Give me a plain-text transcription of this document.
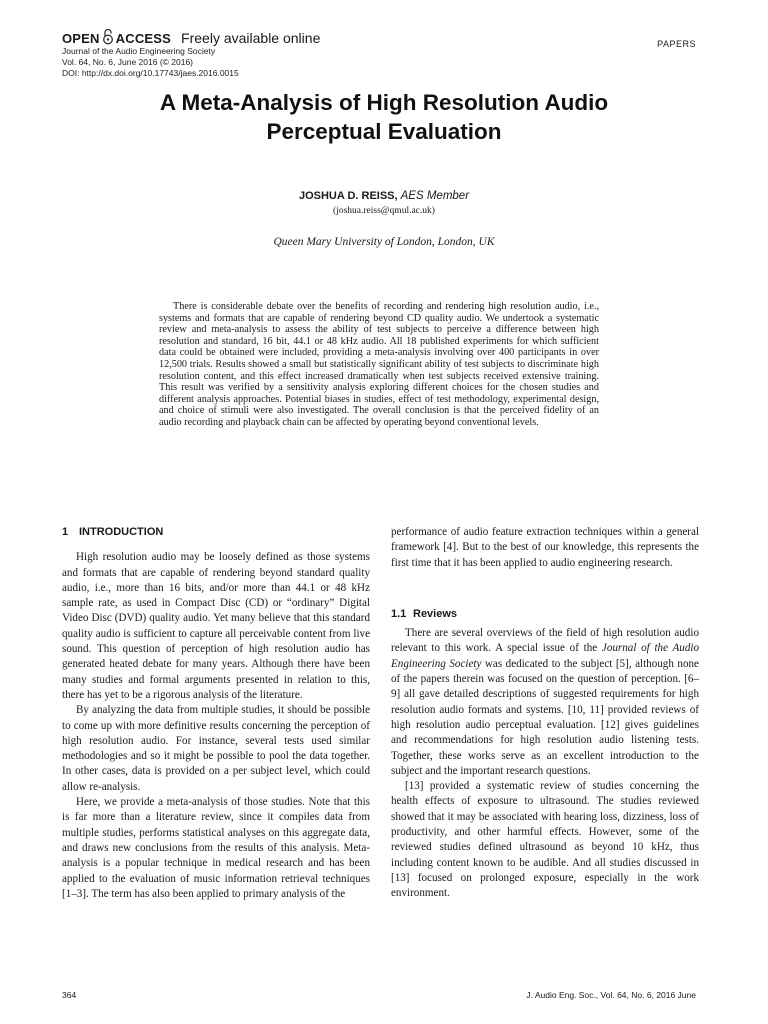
OPEN ACCESS Freely available online
Journal of the Audio Engineering Society
Vol. 64, No. 6, June 2016 (© 2016)
DOI: http://dx.doi.org/10.17743/jaes.2016.0015
PAPERS
A Meta-Analysis of High Resolution Audio
Perceptual Evaluation
JOSHUA D. REISS, AES Member
(joshua.reiss@qmul.ac.uk)
Queen Mary University of London, London, UK

There is considerable debate over the benefits of recording and rendering high resolution audio, i.e., systems and formats that are capable of rendering beyond CD quality audio. We undertook a systematic review and meta-analysis to assess the ability of test subjects to perceive a difference between high resolution and standard, 16 bit, 44.1 or 48 kHz audio. All 18 published experiments for which sufficient data could be obtained were included, providing a meta-analysis involving over 400 participants in over 12,500 trials. Results showed a small but statistically significant ability of test subjects to discriminate high resolution content, and this effect increased dramatically when test subjects received extensive training. This result was verified by a sensitivity analysis exploring different choices for the chosen studies and different analysis approaches. Potential biases in studies, effect of test methodology, experimental design, and choice of stimuli were also investigated. The overall conclusion is that the perceived fidelity of an audio recording and playback chain can be affected by operating beyond conventional levels.

1 INTRODUCTION

High resolution audio may be loosely defined as those systems and formats that are capable of rendering beyond standard quality audio, i.e., more than 16 bits, and/or more than 44.1 or 48 kHz sample rate, as used in Compact Disc (CD) or “ordinary” Digital Video Disc (DVD) quality audio. Yet many believe that this standard quality audio is sufficient to capture all perceivable content from live sound. This question of perception of high resolution audio has generated heated debate for many years. Although there have been many studies and formal arguments presented in relation to this, there has yet to be a rigorous analysis of the literature.

By analyzing the data from multiple studies, it should be possible to come up with more definitive results concerning the perception of high resolution audio. For instance, several tests used similar methodologies and so it might be possible to pool the data together. In other cases, data is provided on a per subject level, which could allow re-analysis.

Here, we provide a meta-analysis of those studies. Note that this is far more than a literature review, since it compiles data from multiple studies, performs statistical analyses on this aggregate data, and draws new conclusions from the results of this analysis. Meta-analysis is a popular technique in medical research and has been applied to the evaluation of music information retrieval techniques [1–3]. The term has also been applied to primary analysis of the

performance of audio feature extraction techniques within a general framework [4]. But to the best of our knowledge, this represents the first time that it has been applied to audio engineering research.

1.1 Reviews

There are several overviews of the field of high resolution audio relevant to this work. A special issue of the Journal of the Audio Engineering Society was dedicated to the subject [5], although none of the papers therein was focused on the question of perception. [6–9] all gave detailed descriptions of suggested requirements for high resolution audio formats and systems. [10, 11] provided reviews of high resolution audio perceptual evaluation. [12] gives guidelines and recommendations for high resolution audio listening tests. Together, these works serve as an excellent introduction to the subject and the important research questions.

[13] provided a systematic review of studies concerning the health effects of exposure to ultrasound. The studies reviewed showed that it may be associated with hearing loss, dizziness, loss of productivity, and other harmful effects. However, some of the reviewed studies defined ultrasound as beyond 10 kHz, thus including content known to be audible. And all studies discussed in [13] focused on prolonged exposure, especially in the work environment.

364	J. Audio Eng. Soc., Vol. 64, No. 6, 2016 June
